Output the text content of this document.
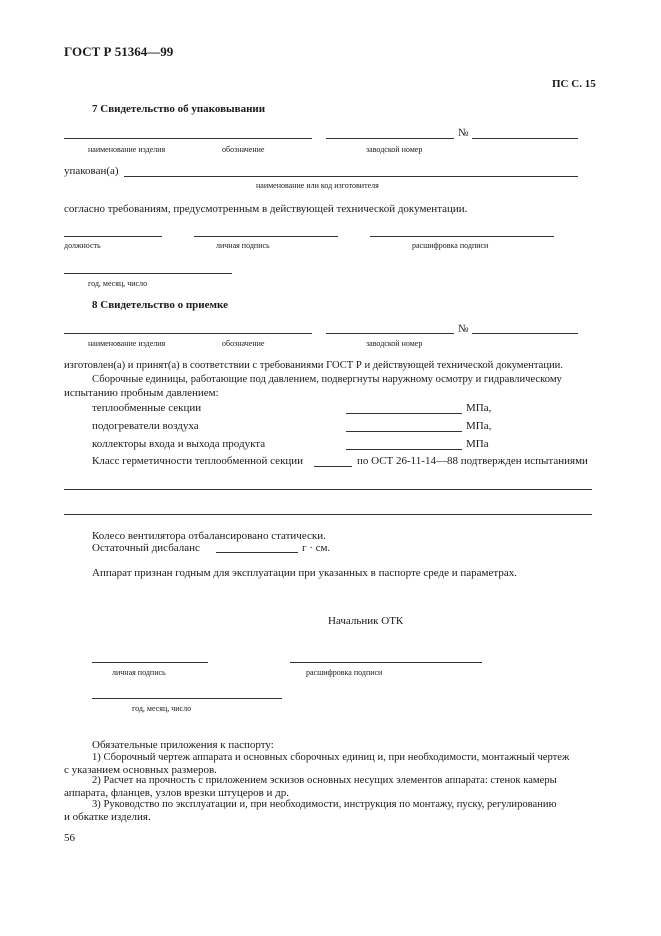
ГОСТ Р 51364—99
ПС С. 15
7 Свидетельство об упаковывании
№
наименование изделия	обозначение	заводской номер
упакован(а)
наименование или код изготовителя
согласно требованиям, предусмотренным в действующей технической документации.
должность	личная подпись	расшифровка подписи
год, месяц, число
8 Свидетельство о приемке
№
наименование изделия	обозначение	заводской номер
изготовлен(а) и принят(а) в соответствии с требованиями ГОСТ Р и действующей технической документации.
Сборочные единицы, работающие под давлением, подвергнуты наружному осмотру и гидравлическому
испытанию пробным давлением:
теплообменные секции	МПа,
подогреватели воздуха	МПа,
коллекторы входа и выхода продукта	МПа
Класс герметичности теплообменной секции	по ОСТ 26-11-14—88 подтвержден испытаниями
Колесо вентилятора отбалансировано статически.
Остаточный дисбаланс	г · см.
Аппарат признан годным для эксплуатации при указанных в паспорте среде и параметрах.
Начальник ОТК
личная подпись	расшифровка подписи
год, месяц, число
Обязательные приложения к паспорту:
1) Сборочный чертеж аппарата и основных сборочных единиц и, при необходимости, монтажный чертеж
с указанием основных размеров.
2) Расчет на прочность с приложением эскизов основных несущих элементов аппарата: стенок камеры
аппарата, фланцев, узлов врезки штуцеров и др.
3) Руководство по эксплуатации и, при необходимости, инструкция по монтажу, пуску, регулированию
и обкатке изделия.
56
